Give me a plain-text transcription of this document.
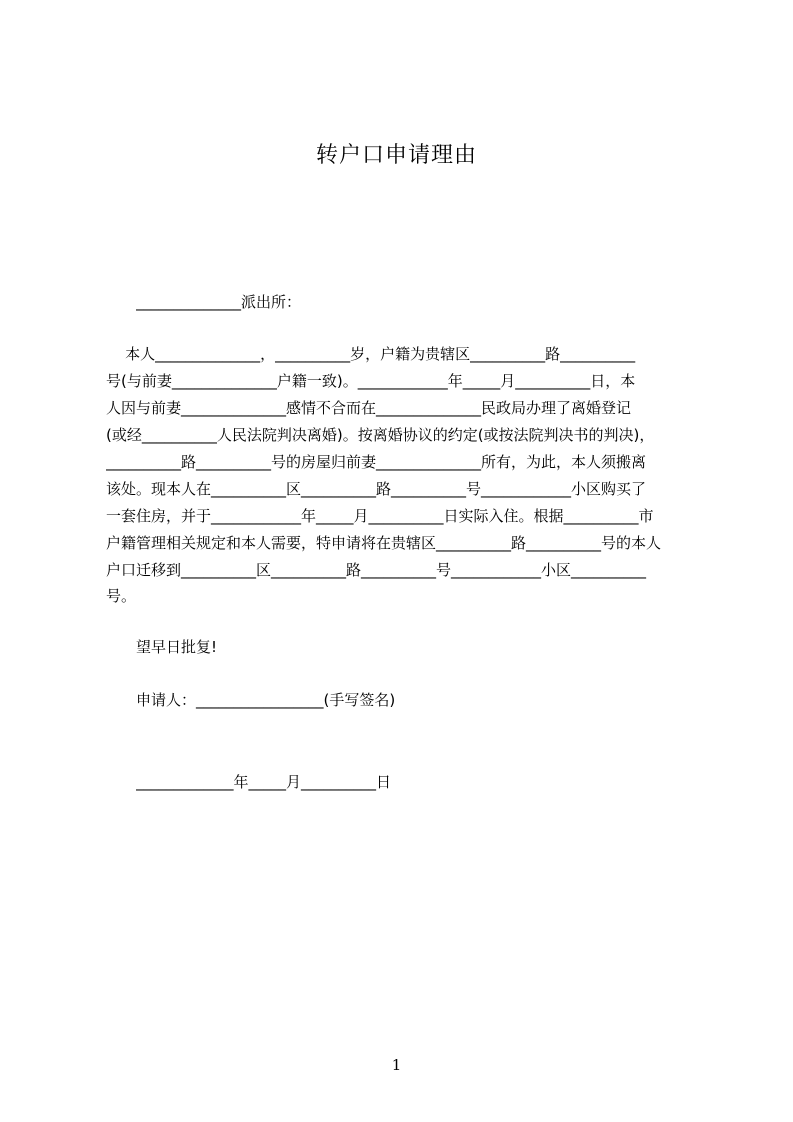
转户口申请理由
______________派出所：
本人______________，__________岁，户籍为贵辖区__________路__________
号(与前妻______________户籍一致)。____________年_____月__________日，本
人因与前妻______________感情不合而在______________民政局办理了离婚登记
(或经__________人民法院判决离婚)。按离婚协议的约定(或按法院判决书的判决)，
__________路__________号的房屋归前妻______________所有，为此，本人须搬离
该处。现本人在__________区__________路__________号____________小区购买了
一套住房，并于____________年_____月__________日实际入住。根据__________市
户籍管理相关规定和本人需要，特申请将在贵辖区__________路__________号的本人
户口迁移到__________区__________路__________号____________小区__________
号。
望早日批复!
申请人：_________________(手写签名)
_____________年_____月__________日
1
